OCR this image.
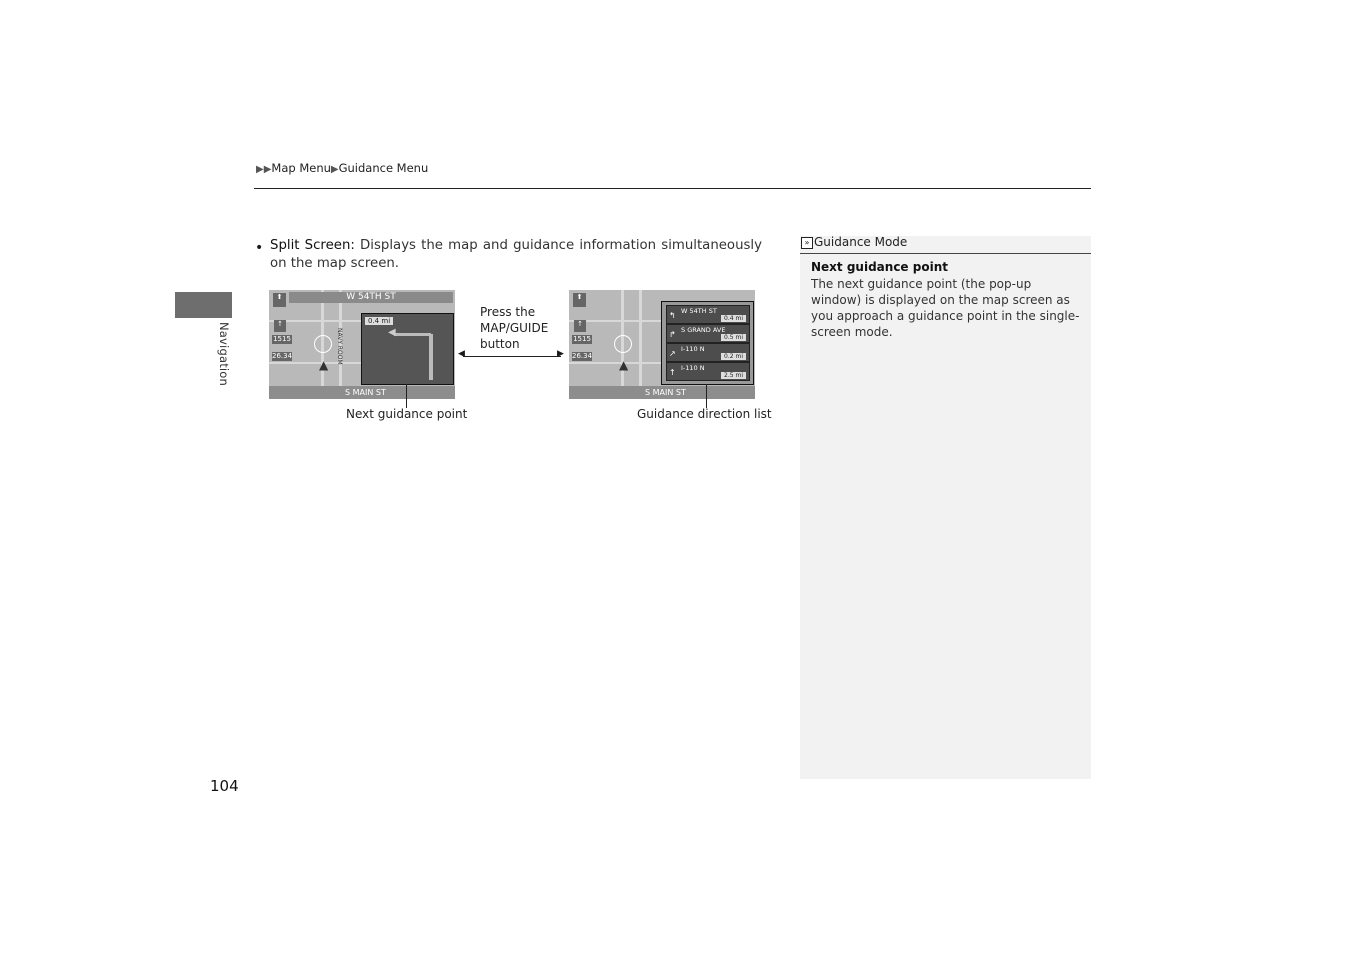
▶▶Map Menu▶Guidance Menu
Navigation
• Split Screen: Displays the map and guidance information simultaneously on the map screen.
W 54TH ST
⬆
↑
1515
26.34	NAVY ROOM
▲
0.4 mi
◀
S MAIN ST
Next guidance point
◀	▶
Press the
MAP/GUIDE
button
⬆
↑
1515
26.34
▲
↰ W 54TH ST
0.4 mi
↱ S GRAND AVE
0.5 mi
↗ I-110 N
0.2 mi
↑ I-110 N
2.5 mi
S MAIN ST
Guidance direction list
» Guidance Mode
Next guidance point
The next guidance point (the pop-up window) is displayed on the map screen as you approach a guidance point in the single-screen mode.
104
